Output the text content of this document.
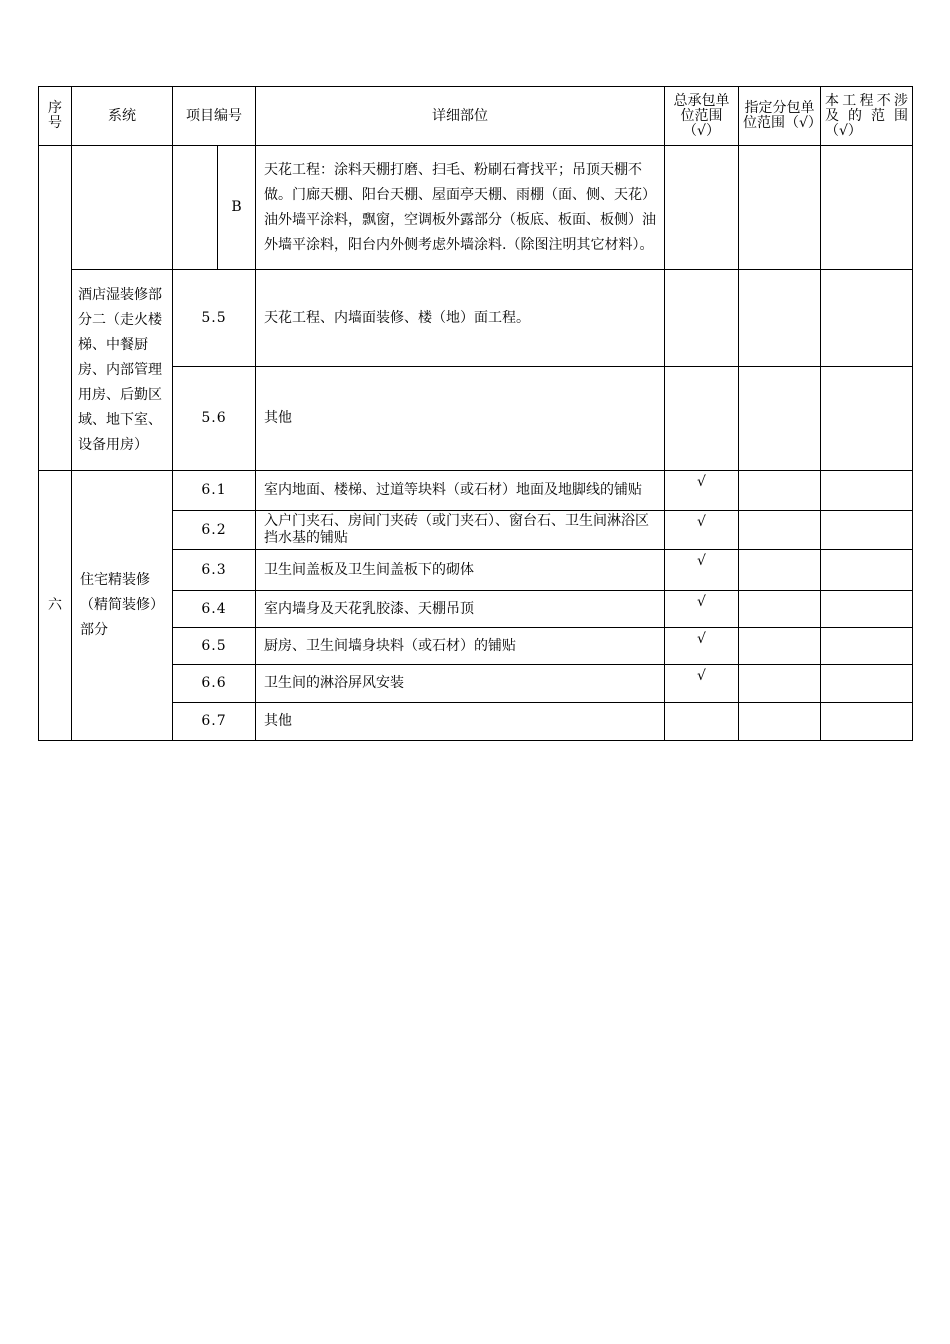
序号	系统	项目编号		详细部位	总承包单位范围（√）	指定分包单位范围（√）	本工程不涉及的范围（√）
			B	天花工程：涂料天棚打磨、扫毛、粉刷石膏找平；吊顶天棚不做。门廊天棚、阳台天棚、屋面亭天棚、雨棚（面、侧、天花）油外墙平涂料，飘窗，空调板外露部分（板底、板面、板侧）油外墙平涂料，阳台内外侧考虑外墙涂料.（除图注明其它材料）。			
	酒店湿装修部分二（走火楼梯、中餐厨房、内部管理用房、后勤区域、地下室、设备用房）	5.5		天花工程、内墙面装修、楼（地）面工程。			
		5.6		其他			
六	住宅精装修（精简装修）部分	6.1		室内地面、楼梯、过道等块料（或石材）地面及地脚线的铺贴	√		
		6.2		入户门夹石、房间门夹砖（或门夹石）、窗台石、卫生间淋浴区挡水基的铺贴	√		
		6.3		卫生间盖板及卫生间盖板下的砌体	√		
		6.4		室内墙身及天花乳胶漆、天棚吊顶	√		
		6.5		厨房、卫生间墙身块料（或石材）的铺贴	√		
		6.6		卫生间的淋浴屏风安装	√		
		6.7		其他			
